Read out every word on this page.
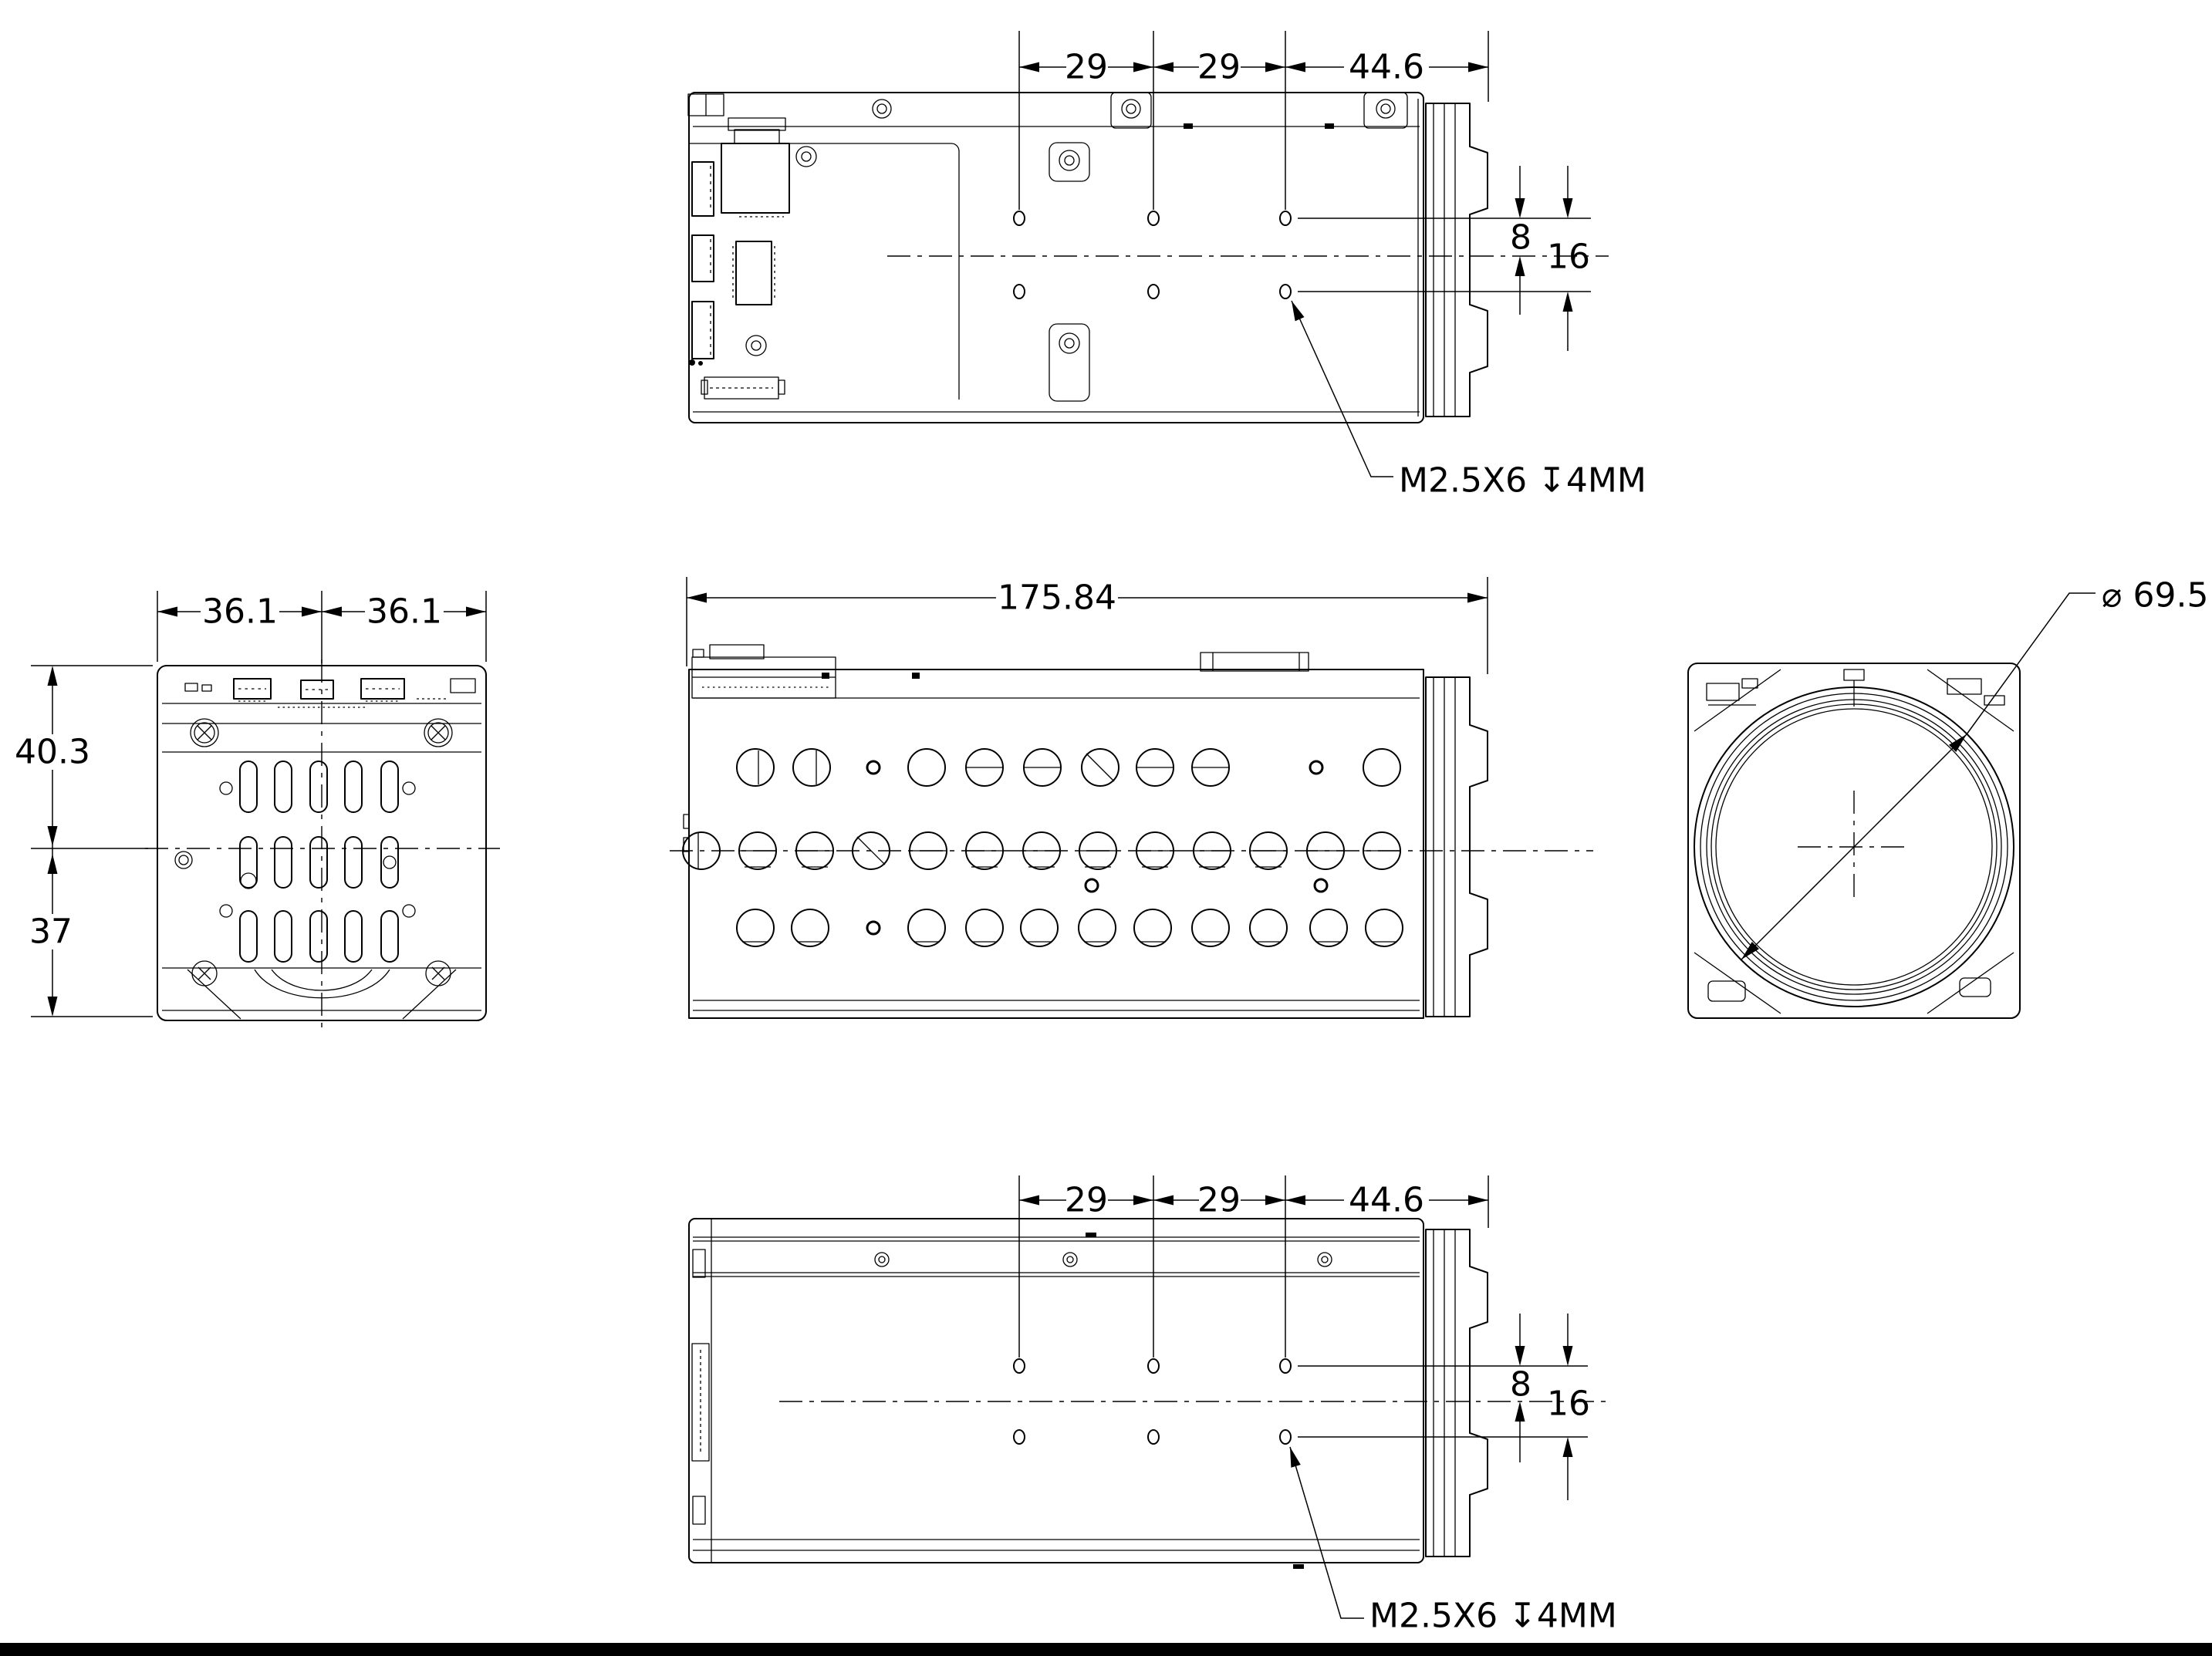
29	29	44.6
8 16
M2.5X6 ↧4MM
175.84
36.1	36.1
40.3
37
⌀ 69.5
29	29	44.6
8 16
M2.5X6 ↧4MM
